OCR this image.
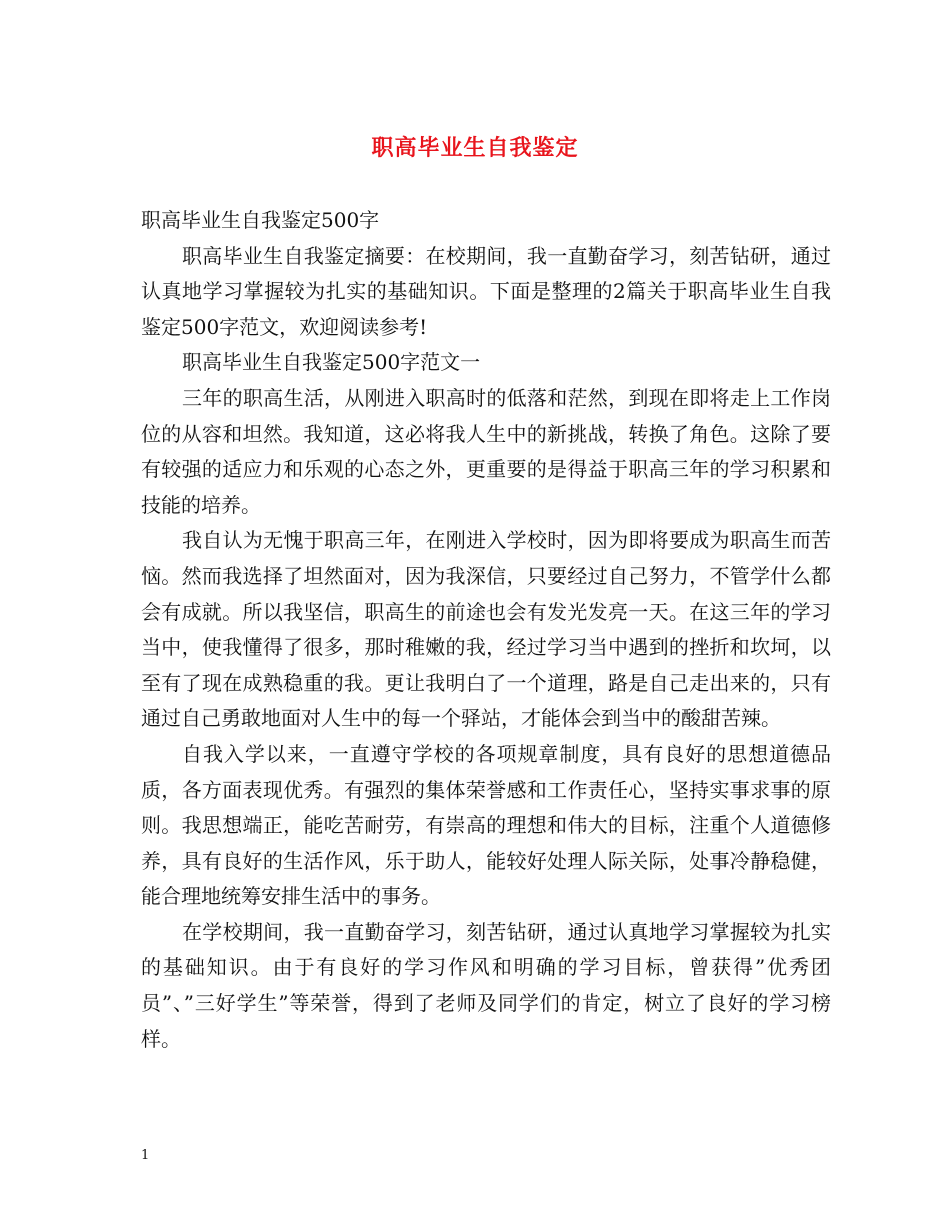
职高毕业生自我鉴定

职高毕业生自我鉴定500字

职高毕业生自我鉴定摘要：在校期间，我一直勤奋学习，刻苦钻研，通过认真地学习掌握较为扎实的基础知识。下面是整理的2篇关于职高毕业生自我鉴定500字范文，欢迎阅读参考!

职高毕业生自我鉴定500字范文一

三年的职高生活，从刚进入职高时的低落和茫然，到现在即将走上工作岗位的从容和坦然。我知道，这必将我人生中的新挑战，转换了角色。这除了要有较强的适应力和乐观的心态之外，更重要的是得益于职高三年的学习积累和技能的培养。

我自认为无愧于职高三年，在刚进入学校时，因为即将要成为职高生而苦恼。然而我选择了坦然面对，因为我深信，只要经过自己努力，不管学什么都会有成就。所以我坚信，职高生的前途也会有发光发亮一天。在这三年的学习当中，使我懂得了很多，那时稚嫩的我，经过学习当中遇到的挫折和坎坷，以至有了现在成熟稳重的我。更让我明白了一个道理，路是自己走出来的，只有通过自己勇敢地面对人生中的每一个驿站，才能体会到当中的酸甜苦辣。

自我入学以来，一直遵守学校的各项规章制度，具有良好的思想道德品质，各方面表现优秀。有强烈的集体荣誉感和工作责任心，坚持实事求事的原则。我思想端正，能吃苦耐劳，有崇高的理想和伟大的目标，注重个人道德修养，具有良好的生活作风，乐于助人，能较好处理人际关际，处事冷静稳健，能合理地统筹安排生活中的事务。

在学校期间，我一直勤奋学习，刻苦钻研，通过认真地学习掌握较为扎实的基础知识。由于有良好的学习作风和明确的学习目标，曾获得”优秀团员”、”三好学生”等荣誉，得到了老师及同学们的肯定，树立了良好的学习榜样。

1
